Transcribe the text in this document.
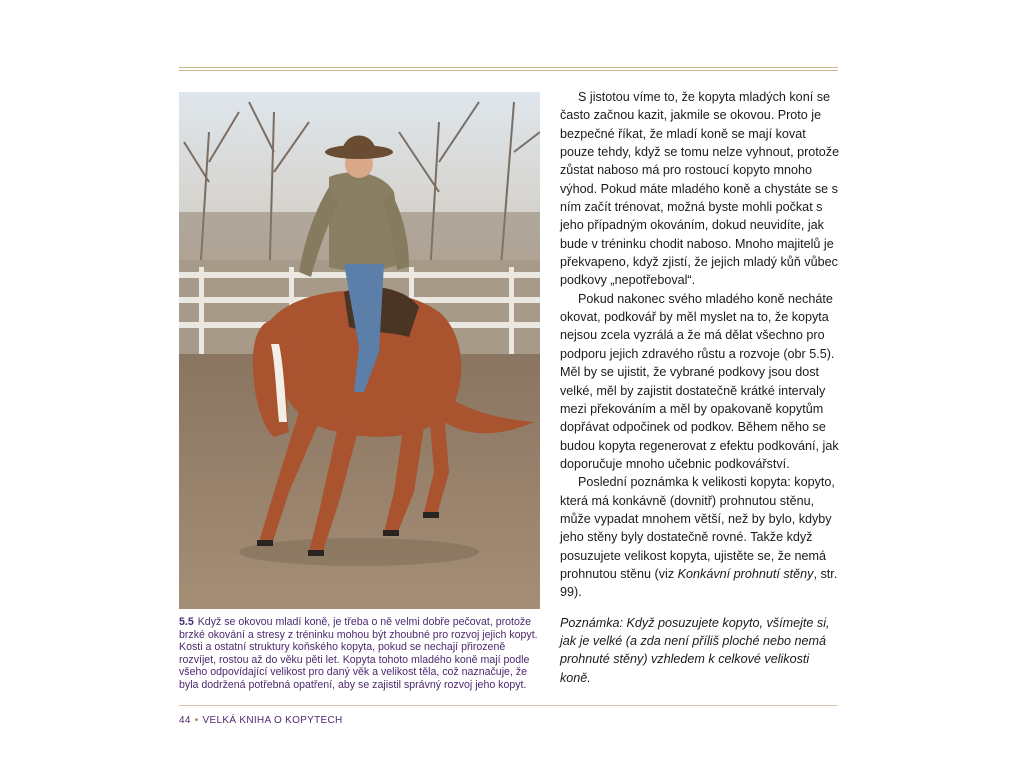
5.5 Když se okovou mladí koně, je třeba o ně velmi dobře pečovat, protože brzké okování a stresy z tréninku mohou být zhoubné pro rozvoj jejich kopyt. Kosti a ostatní struktury koňského kopyta, pokud se nechají přirozeně rozvíjet, rostou až do věku pěti let. Kopyta tohoto mladého koně mají podle všeho odpovídající velikost pro daný věk a velikost těla, což naznačuje, že byla dodržená potřebná opatření, aby se zajistil správný rozvoj jeho kopyt.

S jistotou víme to, že kopyta mladých koní se často začnou kazit, jakmile se okovou. Proto je bezpečné říkat, že mladí koně se mají kovat pouze tehdy, když se tomu nelze vyhnout, protože zůstat naboso má pro rostoucí kopyto mnoho výhod. Pokud máte mladého koně a chystáte se s ním začít trénovat, možná byste mohli počkat s jeho případným okováním, dokud neuvidíte, jak bude v tréninku chodit naboso. Mnoho majitelů je překvapeno, když zjistí, že jejich mladý kůň vůbec podkovy „nepotřeboval“.

Pokud nakonec svého mladého koně necháte okovat, podkovář by měl myslet na to, že kopyta nejsou zcela vyzrálá a že má dělat všechno pro podporu jejich zdravého růstu a rozvoje (obr 5.5). Měl by se ujistit, že vybrané podkovy jsou dost velké, měl by zajistit dostatečně krátké intervaly mezi překováním a měl by opakovaně kopytům dopřávat odpočinek od podkov. Během něho se budou kopyta regenerovat z efektu podkování, jak doporučuje mnoho učebnic podkovářství.

Poslední poznámka k velikosti kopyta: kopyto, která má konkávně (dovnitř) prohnutou stěnu, může vypadat mnohem větší, než by bylo, kdyby jeho stěny byly dostatečně rovné. Takže když posuzujete velikost kopyta, ujistěte se, že nemá prohnutou stěnu (viz Konkávní prohnutí stěny, str. 99).

Poznámka: Když posuzujete kopyto, všímejte si, jak je velké (a zda není příliš ploché nebo nemá prohnuté stěny) vzhledem k celkové velikosti koně.

44 • VELKÁ KNIHA O KOPYTECH
